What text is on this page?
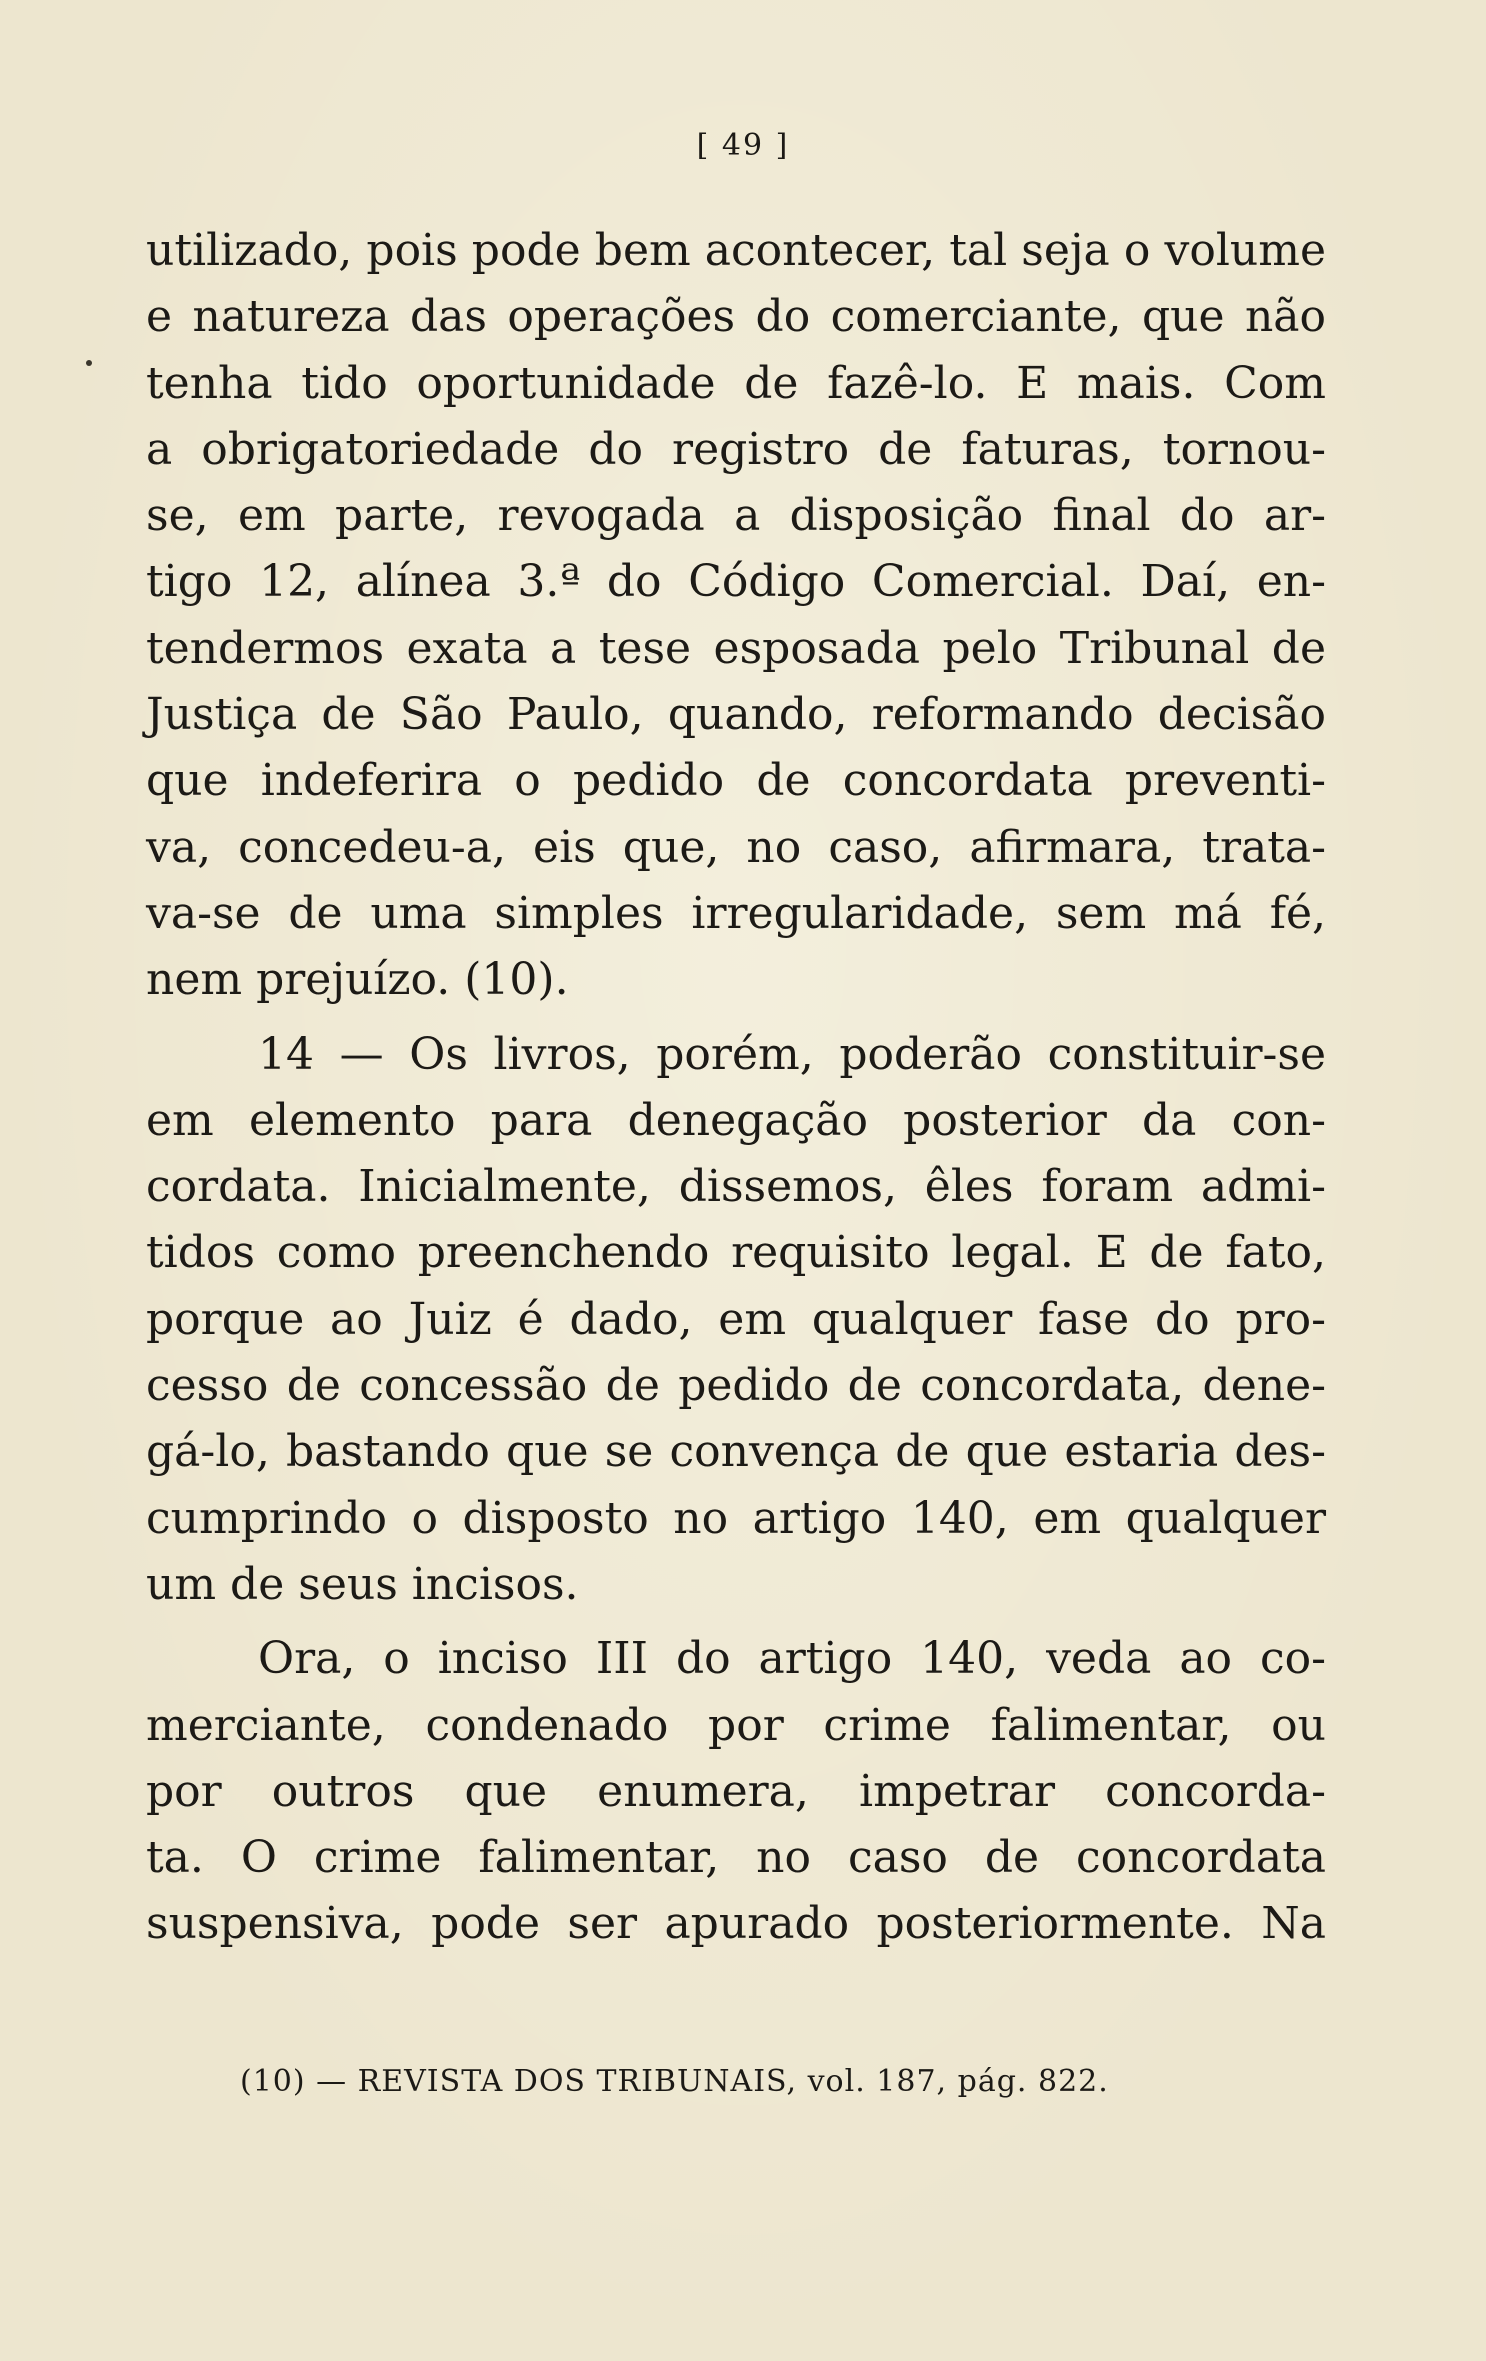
[ 49 ]
utilizado, pois pode bem acontecer, tal seja o volume
e natureza das operações do comerciante, que não
tenha tido oportunidade de fazê-lo. E mais. Com
a obrigatoriedade do registro de faturas, tornou-
se, em parte, revogada a disposição final do ar-
tigo 12, alínea 3.ª do Código Comercial. Daí, en-
tendermos exata a tese esposada pelo Tribunal de
Justiça de São Paulo, quando, reformando decisão
que indeferira o pedido de concordata preventi-
va, concedeu-a, eis que, no caso, afirmara, trata-
va-se de uma simples irregularidade, sem má fé,
nem prejuízo. (10).
14 — Os livros, porém, poderão constituir-se
em elemento para denegação posterior da con-
cordata. Inicialmente, dissemos, êles foram admi-
tidos como preenchendo requisito legal. E de fato,
porque ao Juiz é dado, em qualquer fase do pro-
cesso de concessão de pedido de concordata, dene-
gá-lo, bastando que se convença de que estaria des-
cumprindo o disposto no artigo 140, em qualquer
um de seus incisos.
Ora, o inciso III do artigo 140, veda ao co-
merciante, condenado por crime falimentar, ou
por outros que enumera, impetrar concorda-
ta. O crime falimentar, no caso de concordata
suspensiva, pode ser apurado posteriormente. Na
(10) — REVISTA DOS TRIBUNAIS, vol. 187, pág. 822.
